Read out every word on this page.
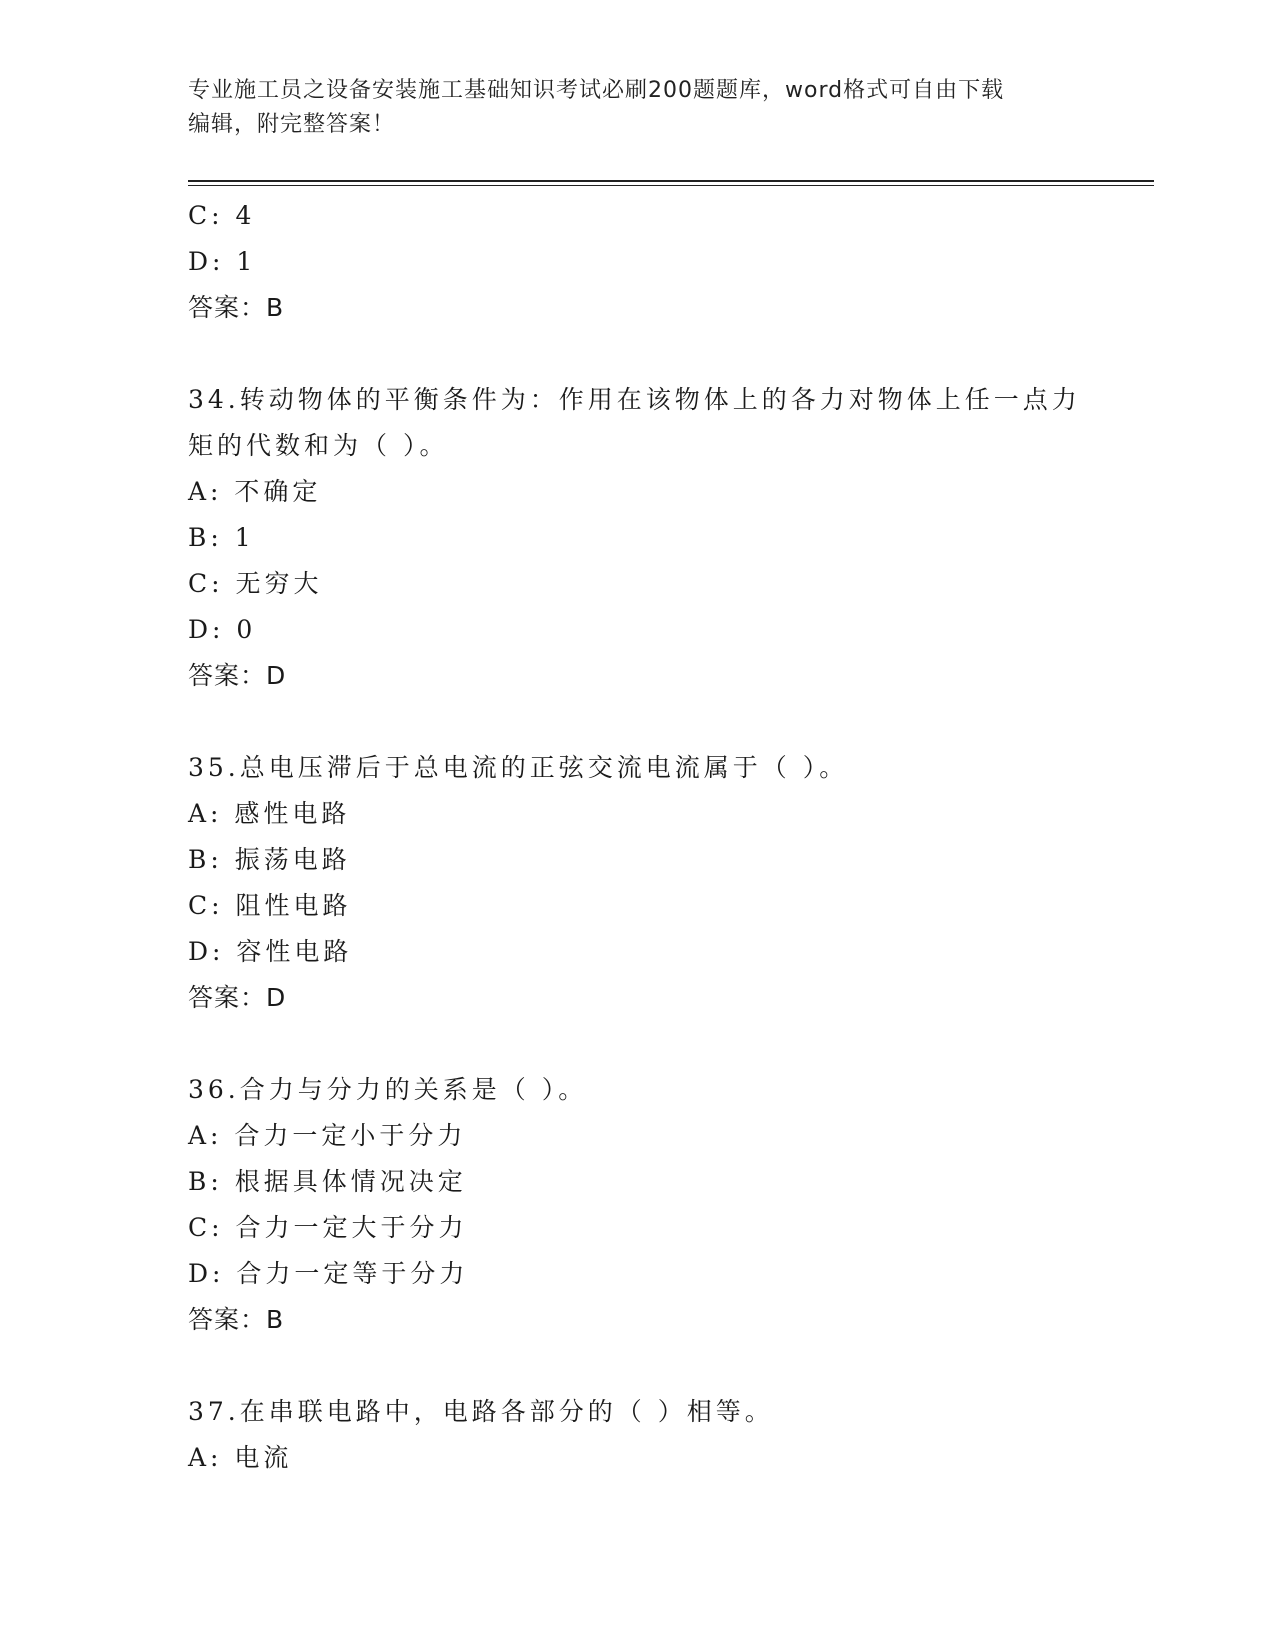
专业施工员之设备安装施工基础知识考试必刷200题题库，word格式可自由下载
编辑，附完整答案！
C: 4
D: 1
答案：B
34.转动物体的平衡条件为：作用在该物体上的各力对物体上任一点力
矩的代数和为（ ）。
A: 不确定
B: 1
C: 无穷大
D: 0
答案：D
35.总电压滞后于总电流的正弦交流电流属于（ ）。
A: 感性电路
B: 振荡电路
C: 阻性电路
D: 容性电路
答案：D
36.合力与分力的关系是（ ）。
A: 合力一定小于分力
B: 根据具体情况决定
C: 合力一定大于分力
D: 合力一定等于分力
答案：B
37.在串联电路中，电路各部分的（ ）相等。
A: 电流
